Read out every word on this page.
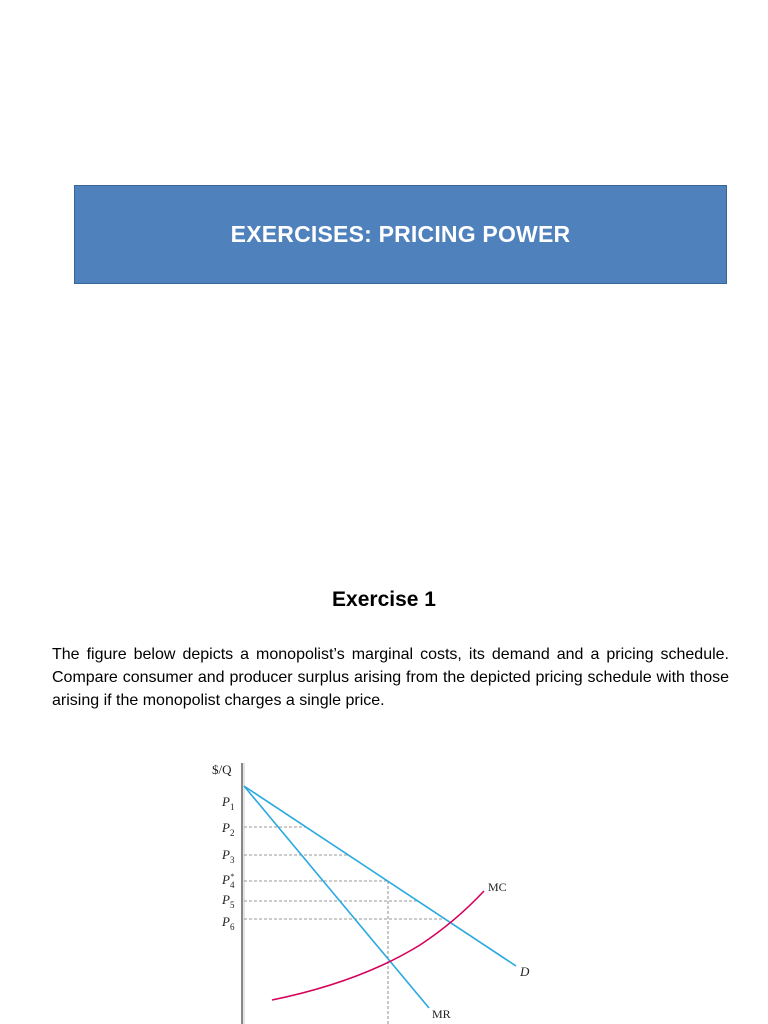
EXERCISES: PRICING POWER
Exercise 1
The figure below depicts a monopolist’s marginal costs, its demand and a pricing schedule. Compare consumer and producer surplus arising from the depicted pricing schedule with those arising if the monopolist charges a single price.
$/Q
$P_1$
$P_2$
$P_3$
P* 4
$P_5$
$P_6$
MC
D
MR
